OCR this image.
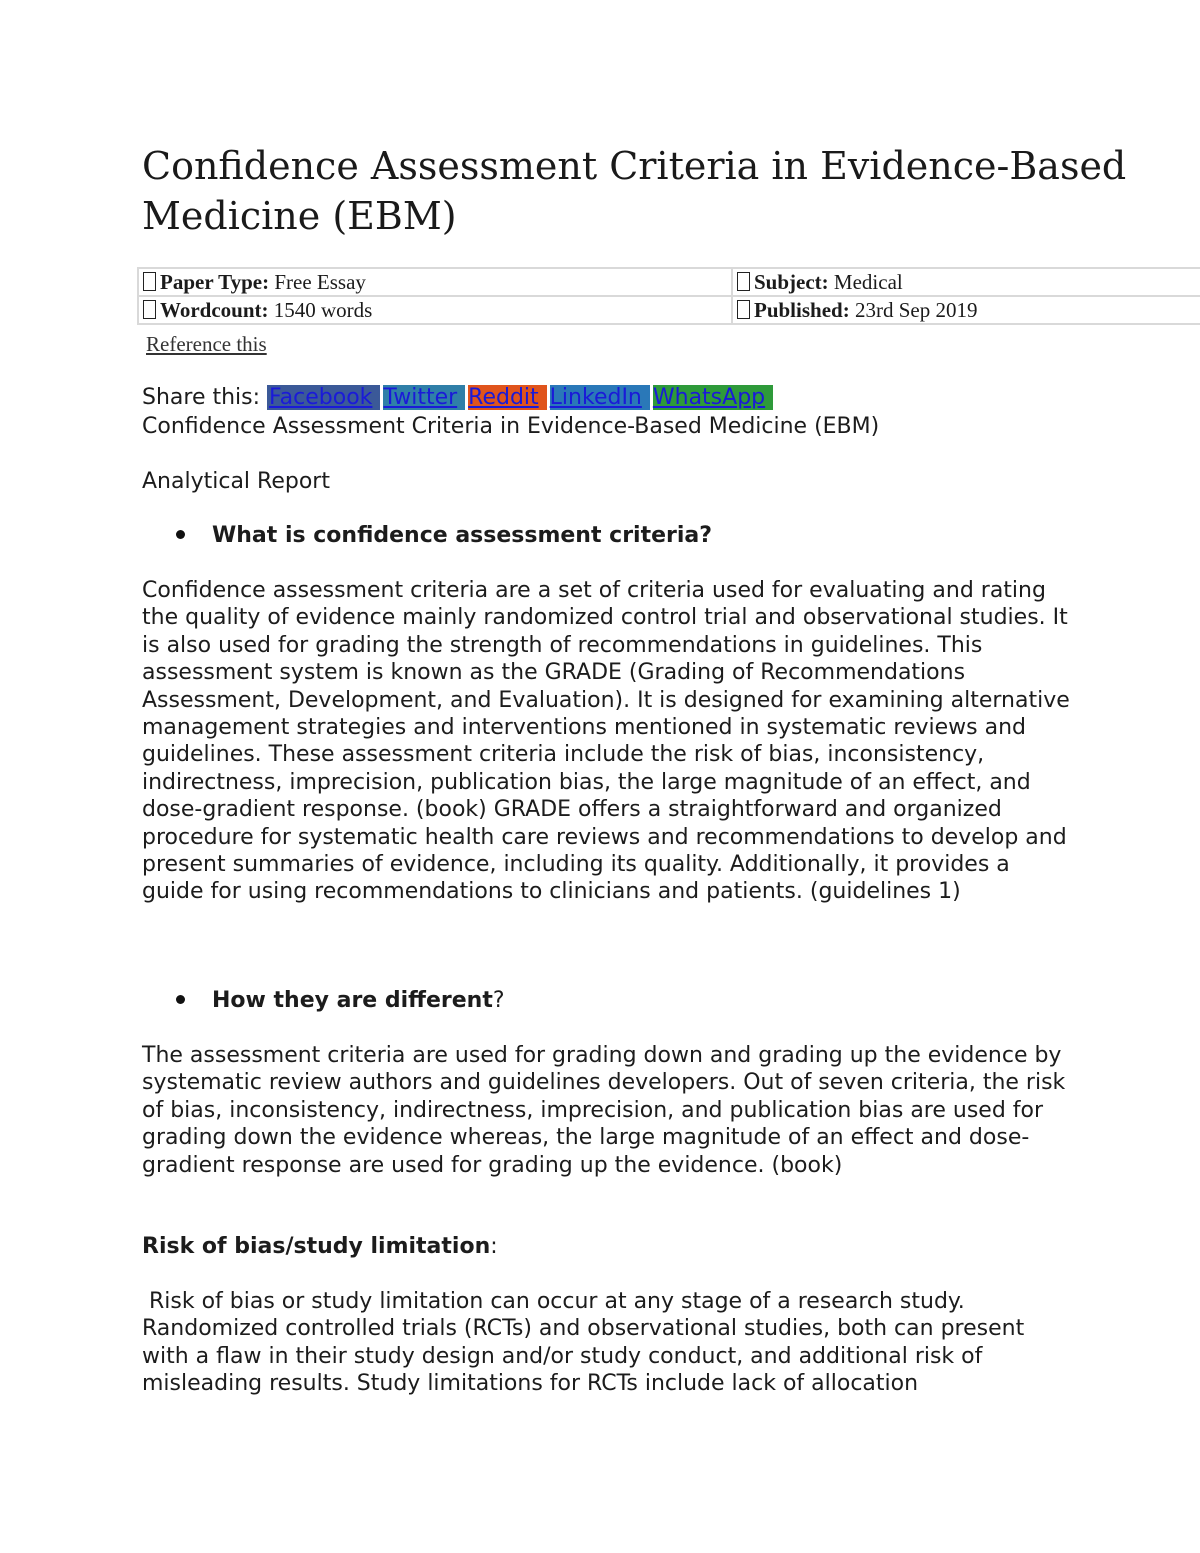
Confidence Assessment Criteria in Evidence-Based Medicine (EBM)
Paper Type: Free Essay	Subject: Medical
Wordcount: 1540 words	Published: 23rd Sep 2019
Reference this
Share this: Facebook Twitter Reddit LinkedIn WhatsApp
Confidence Assessment Criteria in Evidence-Based Medicine (EBM)
Analytical Report
What is confidence assessment criteria?

Confidence assessment criteria are a set of criteria used for evaluating and rating the quality of evidence mainly randomized control trial and observational studies. It is also used for grading the strength of recommendations in guidelines. This assessment system is known as the GRADE (Grading of Recommendations Assessment, Development, and Evaluation). It is designed for examining alternative management strategies and interventions mentioned in systematic reviews and guidelines. These assessment criteria include the risk of bias, inconsistency, indirectness, imprecision, publication bias, the large magnitude of an effect, and dose-gradient response. (book) GRADE offers a straightforward and organized procedure for systematic health care reviews and recommendations to develop and present summaries of evidence, including its quality. Additionally, it provides a guide for using recommendations to clinicians and patients. (guidelines 1)

How they are different?

The assessment criteria are used for grading down and grading up the evidence by systematic review authors and guidelines developers. Out of seven criteria, the risk of bias, inconsistency, indirectness, imprecision, and publication bias are used for grading down the evidence whereas, the large magnitude of an effect and dose-gradient response are used for grading up the evidence. (book)

Risk of bias/study limitation:

Risk of bias or study limitation can occur at any stage of a research study. Randomized controlled trials (RCTs) and observational studies, both can present with a flaw in their study design and/or study conduct, and additional risk of misleading results. Study limitations for RCTs include lack of allocation
